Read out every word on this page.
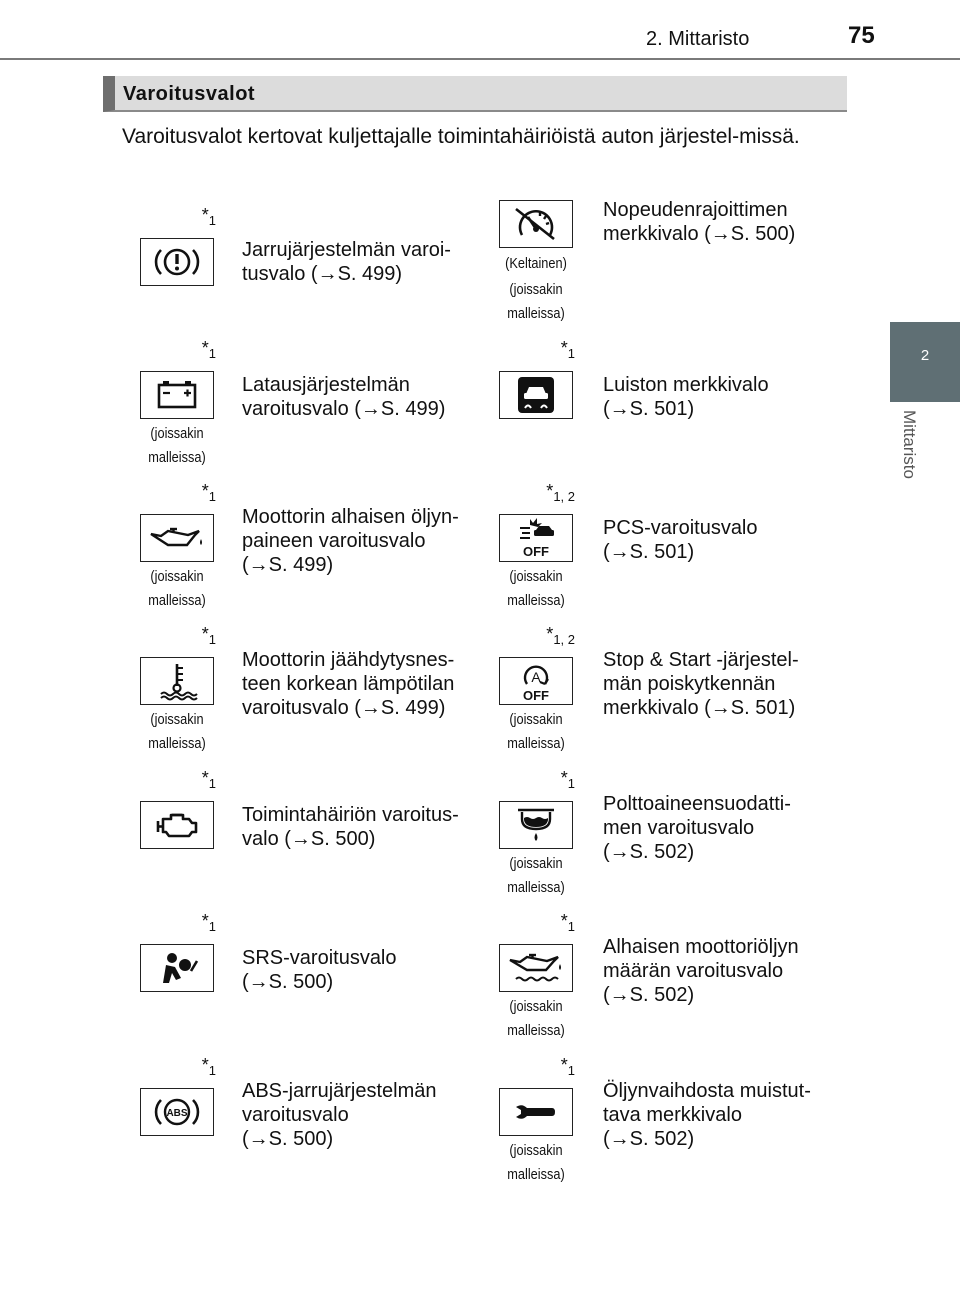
2. Mittaristo	75
2
Mittaristo
Varoitusvalot
Varoitusvalot kertovat kuljettajalle toimintahäiriöistä auton järjestel-missä.
$*_1$
Jarrujärjestelmän varoi-
tusvalo (→S. 499)	(Keltainen)
(joissakin
malleissa)
Nopeudenrajoittimen
merkkivalo (→S. 500)
$*_1$
(joissakin
malleissa)
Latausjärjestelmän
varoitusvalo (→S. 499)
$*_1$
Luiston merkkivalo
(→S. 501)
$*_1$
(joissakin
malleissa)
Moottorin alhaisen öljyn-
paineen varoitusvalo
(→S. 499)
$*_{1, 2}$
OFF
(joissakin
malleissa)
PCS-varoitusvalo
(→S. 501)
$*_1$
(joissakin
malleissa)
Moottorin jäähdytysnes-
teen korkean lämpötilan
varoitusvalo (→S. 499)
$*_{1, 2}$
A
OFF
(joissakin
malleissa)
Stop & Start -järjestel-
män poiskytkennän
merkkivalo (→S. 501)
$*_1$
Toimintahäiriön varoitus-
valo (→S. 500)
$*_1$
(joissakin
malleissa)
Polttoaineensuodatti-
men varoitusvalo
(→S. 502)
$*_1$
SRS-varoitusvalo
(→S. 500)
$*_1$
(joissakin
malleissa)
Alhaisen moottoriöljyn
määrän varoitusvalo
(→S. 502)
$*_1$
ABS
ABS-jarrujärjestelmän
varoitusvalo
(→S. 500)
$*_1$
(joissakin
malleissa)
Öljynvaihdosta muistut-
tava merkkivalo
(→S. 502)
